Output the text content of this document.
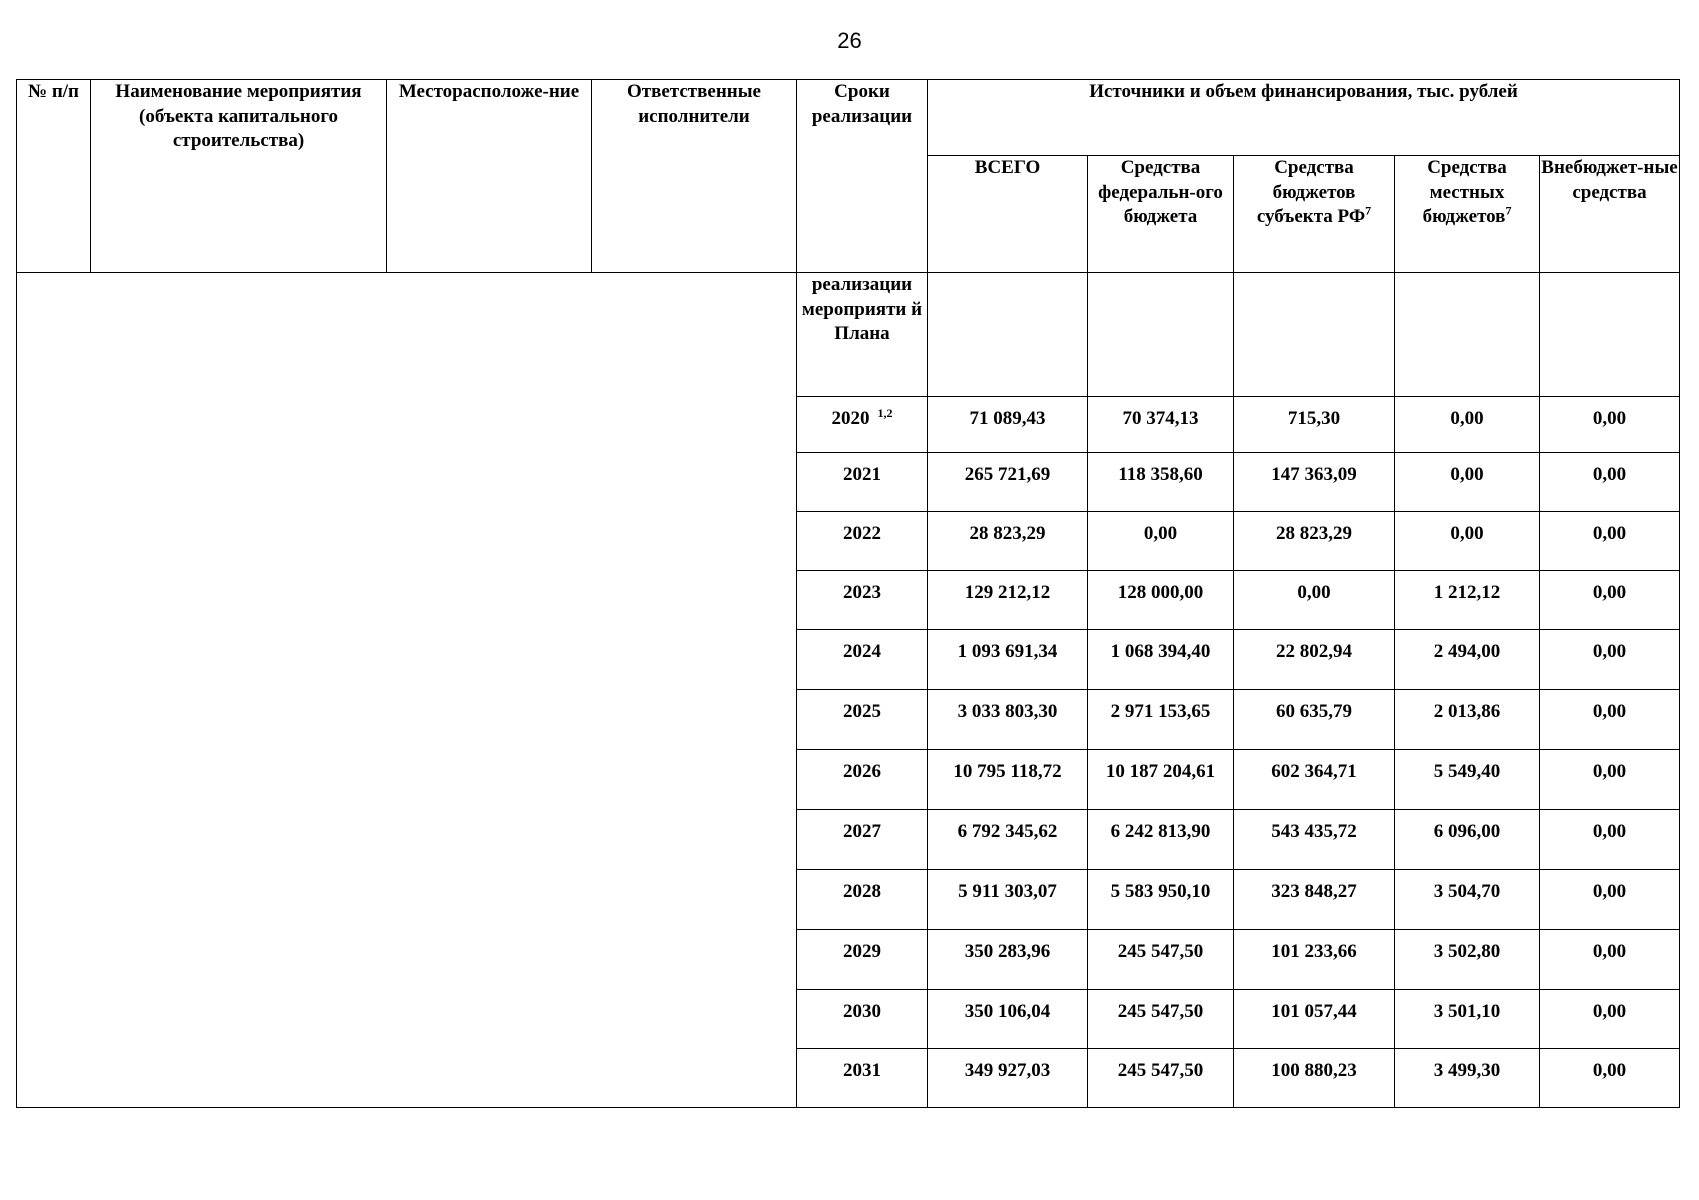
26
№ п/п	Наименование мероприятия (объекта капитального строительства)	Месторасположе-ние	Ответственные исполнители	Сроки реализации	Источники и объем финансирования, тыс. рублей				
					ВСЕГО	Средства федеральн-ого бюджета	Средства бюджетов субъекта $РФ^7$	Средства местных бюджетов$^7$	Внебюджет-ные средства
				реализации мероприяти й Плана					
				2020 $^{1,2}$	71 089,43	70 374,13	715,30	0,00	0,00
				2021	265 721,69	118 358,60	147 363,09	0,00	0,00
				2022	28 823,29	0,00	28 823,29	0,00	0,00
				2023	129 212,12	128 000,00	0,00	1 212,12	0,00
				2024	1 093 691,34	1 068 394,40	22 802,94	2 494,00	0,00
				2025	3 033 803,30	2 971 153,65	60 635,79	2 013,86	0,00
				2026	10 795 118,72	10 187 204,61	602 364,71	5 549,40	0,00
				2027	6 792 345,62	6 242 813,90	543 435,72	6 096,00	0,00
				2028	5 911 303,07	5 583 950,10	323 848,27	3 504,70	0,00
				2029	350 283,96	245 547,50	101 233,66	3 502,80	0,00
				2030	350 106,04	245 547,50	101 057,44	3 501,10	0,00
				2031	349 927,03	245 547,50	100 880,23	3 499,30	0,00
